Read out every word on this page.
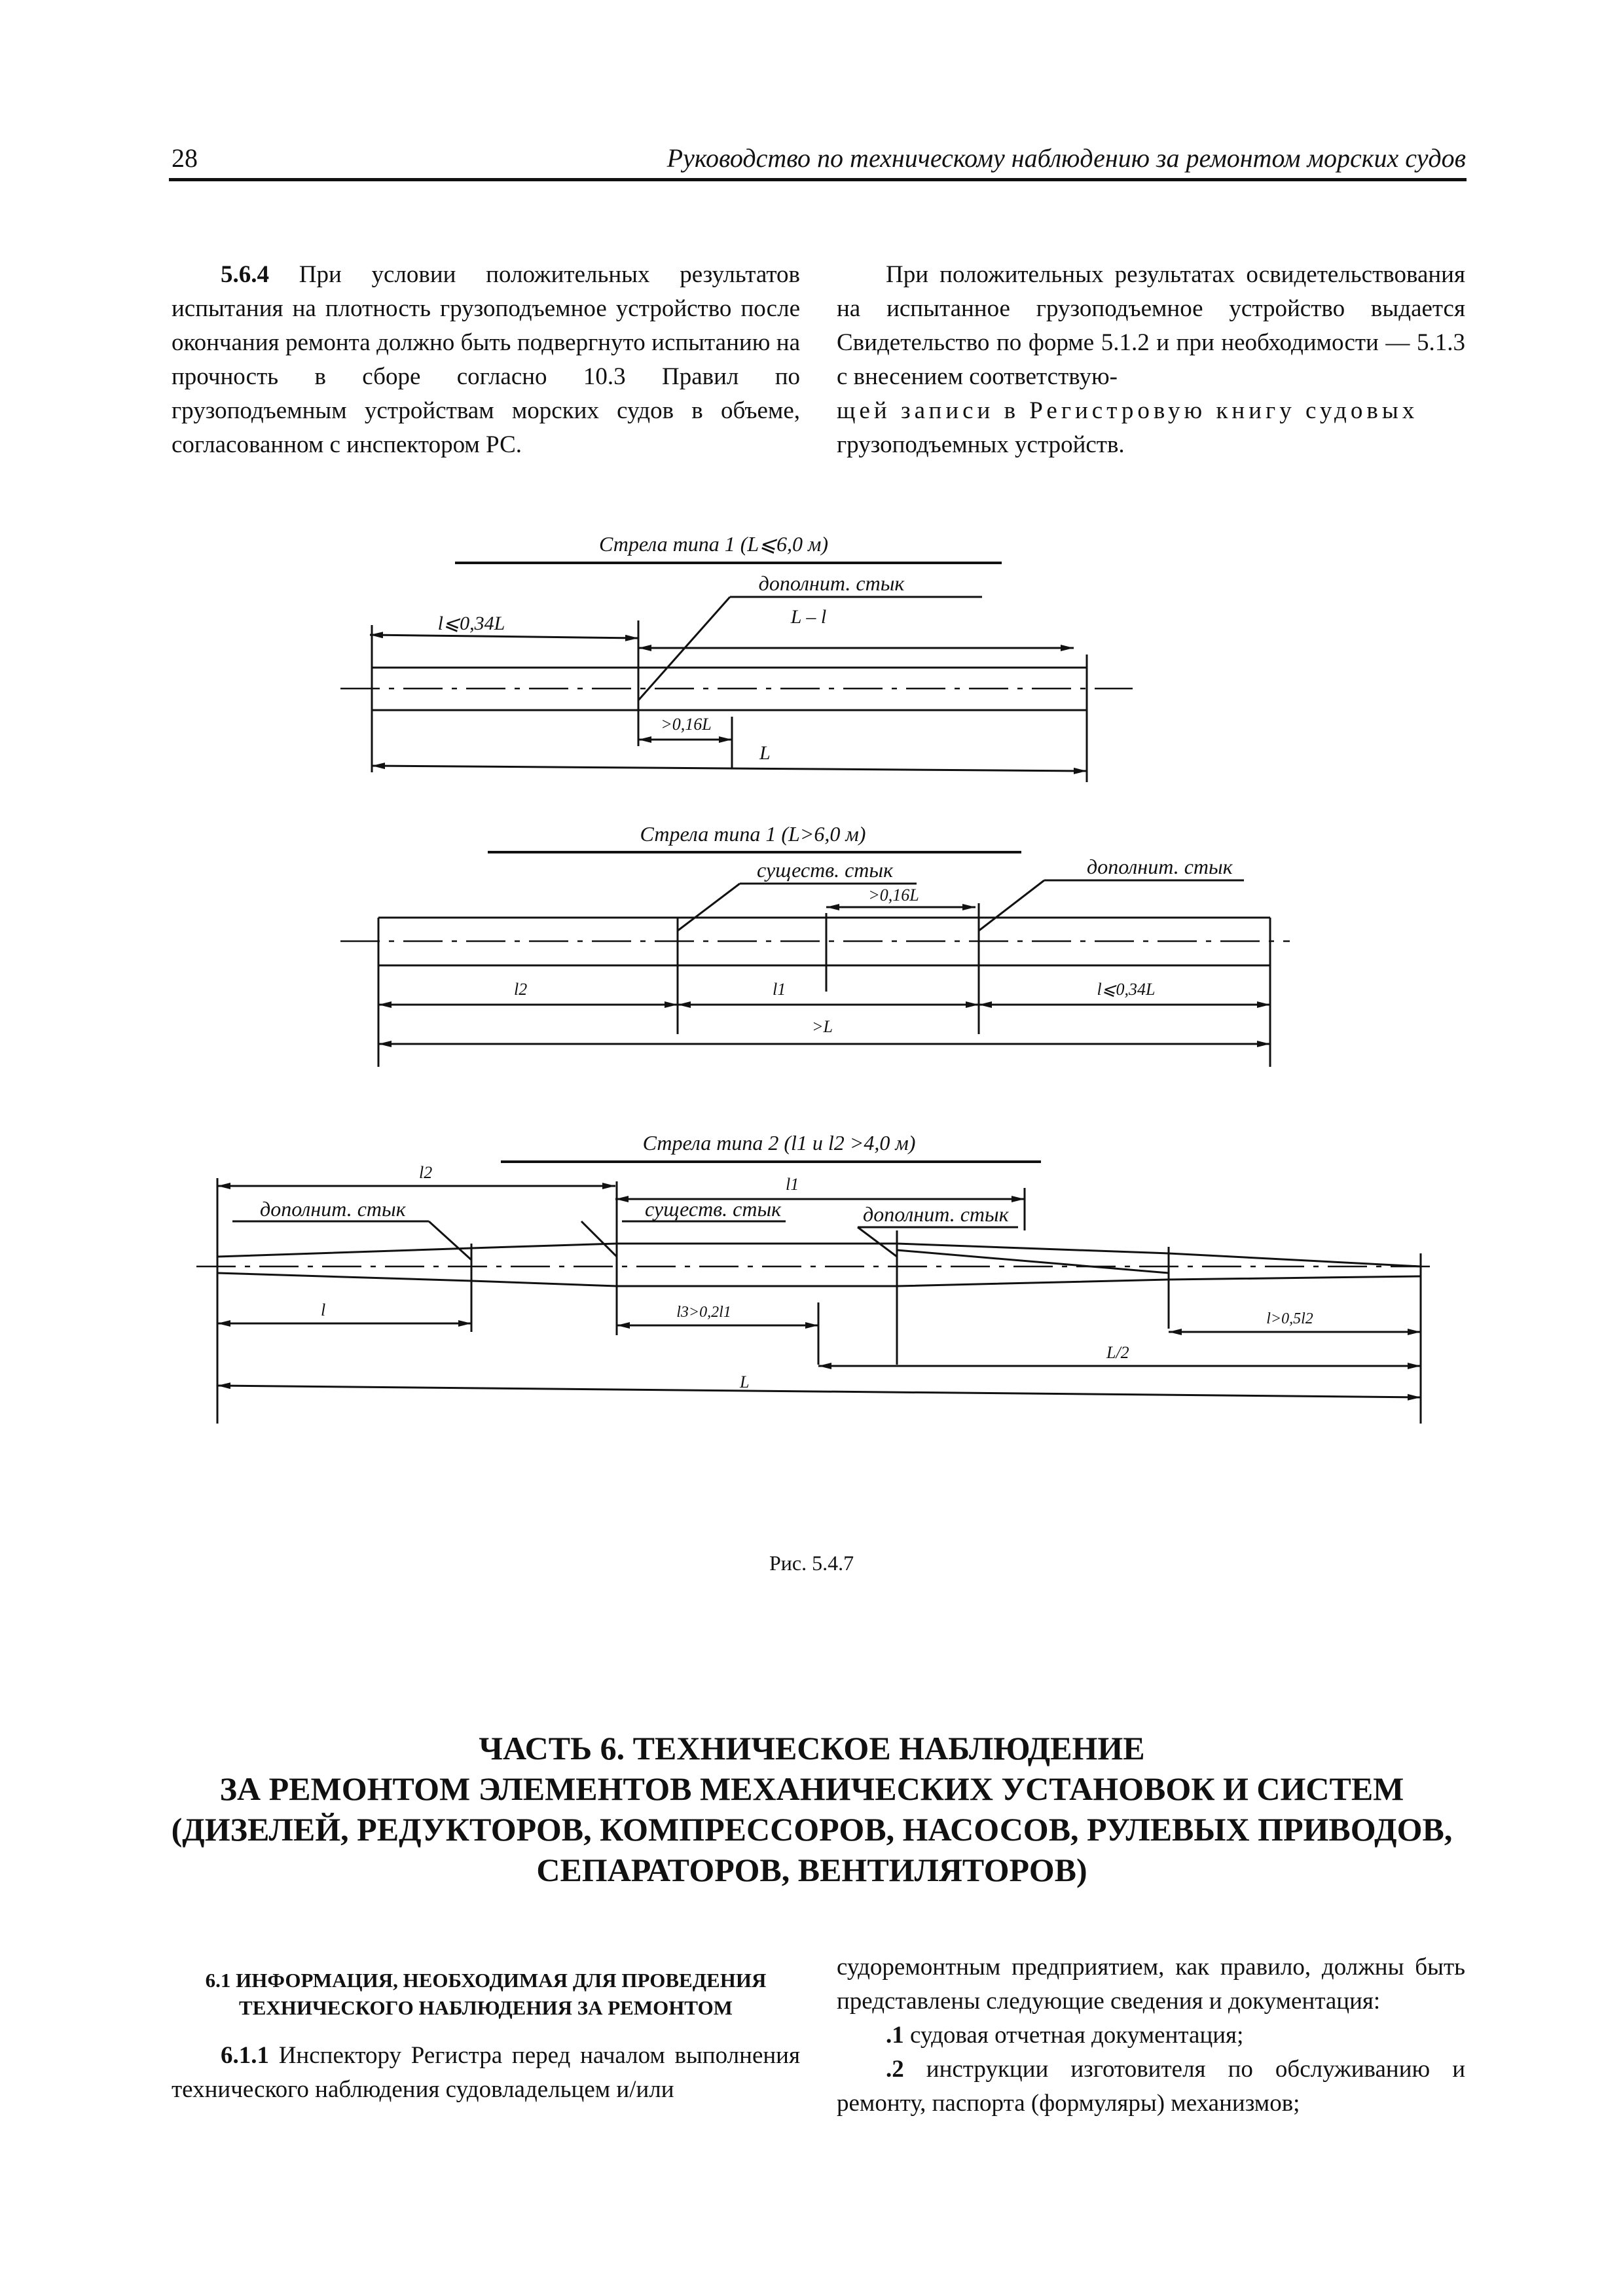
28	Руководство по техническому наблюдению за ремонтом морских судов

5.6.4 При условии положительных результатов испытания на плотность грузоподъемное устройство после окончания ремонта должно быть подвергнуто испытанию на прочность в сборе согласно 10.3 Правил по грузоподъемным устройствам морских судов в объеме, согласованном с инспектором РС.

При положительных результатах освидетельствования на испытанное грузоподъемное устройство выдается Свидетельство по форме 5.1.2 и при необходимости — 5.1.3 с внесением соответствую-

щей записи в Регистровую книгу судовых

грузоподъемных устройств.

Стрела типа 1 (L⩽6,0 м)
дополнит. стык
l⩽0,34L	L – l
>0,16L
L
Стрела типа 1 (L>6,0 м)
существ. стык	дополнит. стык
>0,16L
l2	l1	l⩽0,34L
>L
Стрела типа 2 (l1 и l2 >4,0 м)
l2
l1
дополнит. стык	существ. стык	дополнит. стык
l	l3>0,2l1	l>0,5l2
L/2
L
Рис. 5.4.7
ЧАСТЬ 6. ТЕХНИЧЕСКОЕ НАБЛЮДЕНИЕ
ЗА РЕМОНТОМ ЭЛЕМЕНТОВ МЕХАНИЧЕСКИХ УСТАНОВОК И СИСТЕМ
(ДИЗЕЛЕЙ, РЕДУКТОРОВ, КОМПРЕССОРОВ, НАСОСОВ, РУЛЕВЫХ ПРИВОДОВ,
СЕПАРАТОРОВ, ВЕНТИЛЯТОРОВ)
6.1 ИНФОРМАЦИЯ, НЕОБХОДИМАЯ ДЛЯ ПРОВЕДЕНИЯ
ТЕХНИЧЕСКОГО НАБЛЮДЕНИЯ ЗА РЕМОНТОМ

6.1.1 Инспектору Регистра перед началом выполнения технического наблюдения судовладельцем и/или

судоремонтным предприятием, как правило, должны быть представлены следующие сведения и документация:

.1 судовая отчетная документация;

.2 инструкции изготовителя по обслуживанию и ремонту, паспорта (формуляры) механизмов;
